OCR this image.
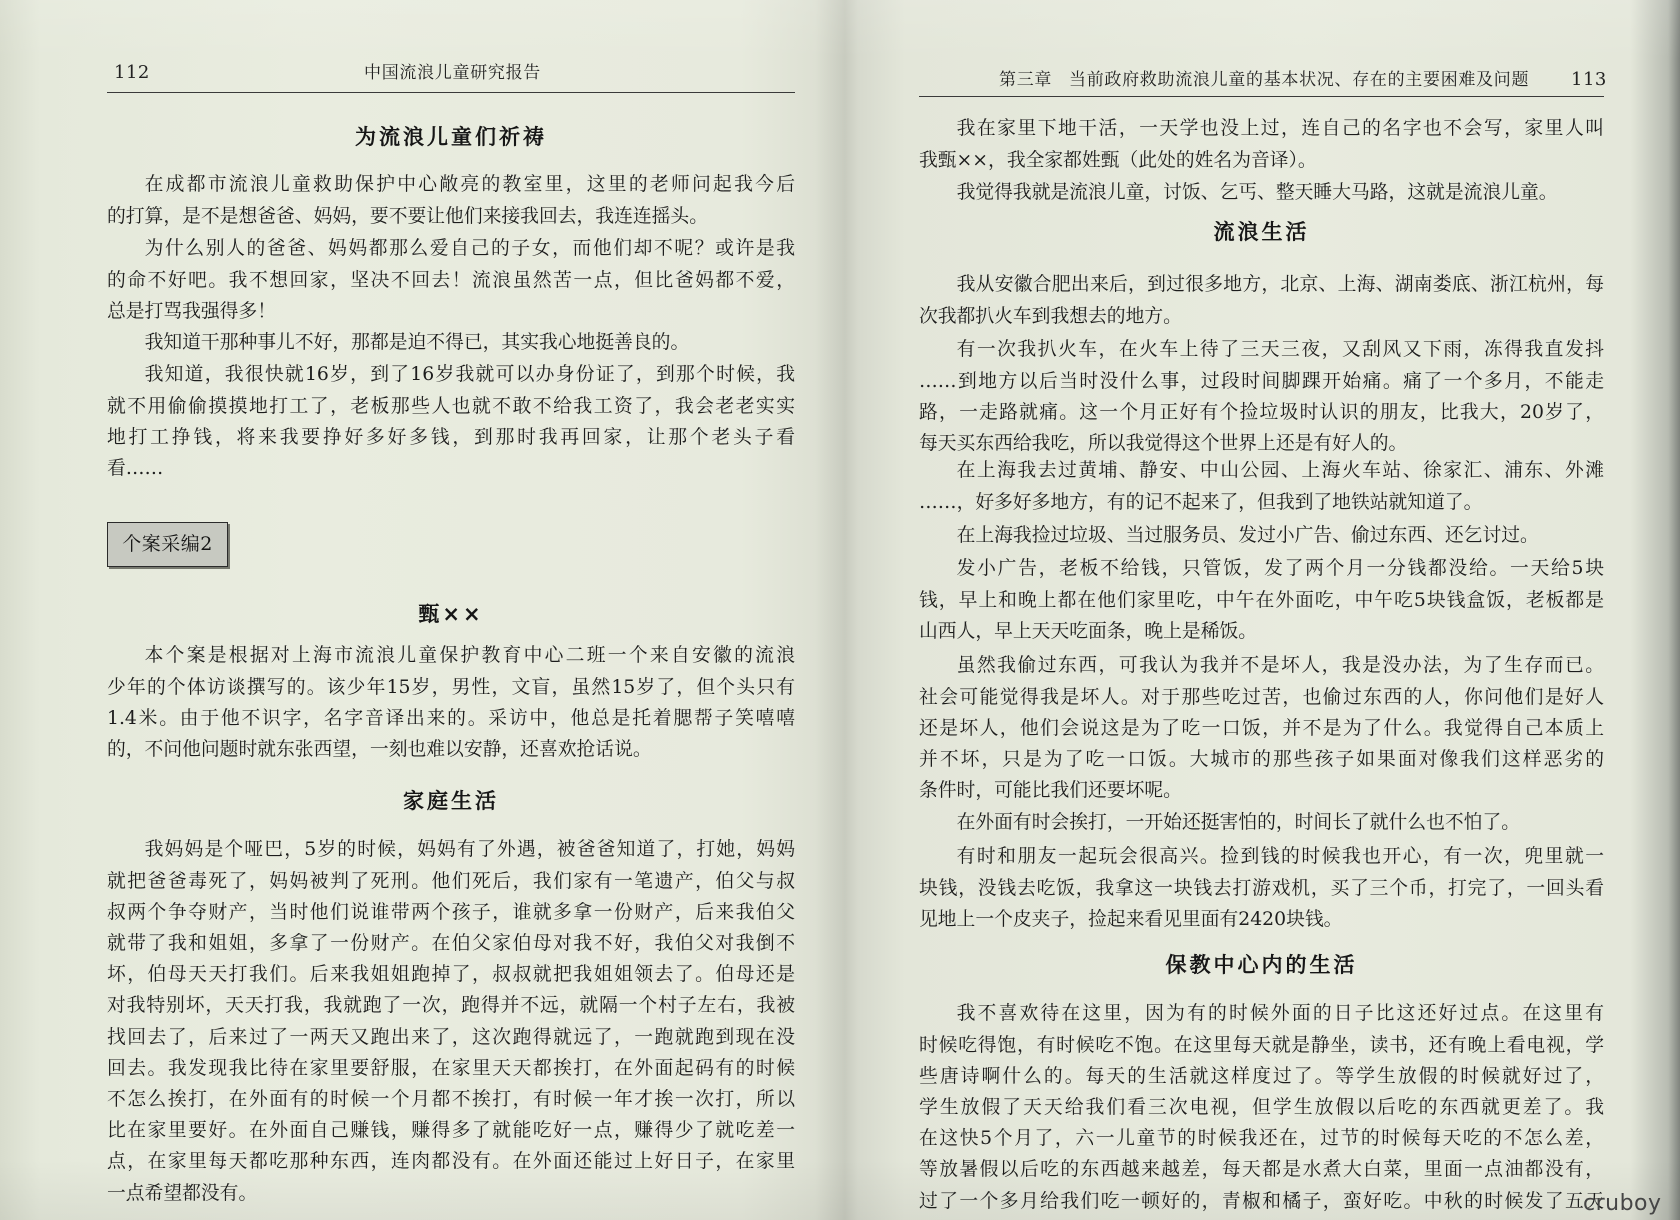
112	中国流浪儿童研究报告	第三章 当前政府救助流浪儿童的基本状况、存在的主要困难及问题 113
为流浪儿童们祈祷
在成都市流浪儿童救助保护中心敞亮的教室里，这里的老师问起我今后
的打算，是不是想爸爸、妈妈，要不要让他们来接我回去，我连连摇头。
为什么别人的爸爸、妈妈都那么爱自己的子女，而他们却不呢？或许是我
的命不好吧。我不想回家，坚决不回去！流浪虽然苦一点，但比爸妈都不爱，
总是打骂我强得多！
我知道干那种事儿不好，那都是迫不得已，其实我心地挺善良的。
我知道，我很快就16岁，到了16岁我就可以办身份证了，到那个时候，我
就不用偷偷摸摸地打工了，老板那些人也就不敢不给我工资了，我会老老实实
地打工挣钱，将来我要挣好多好多钱，到那时我再回家，让那个老头子看
看……
个案采编2
甄××
本个案是根据对上海市流浪儿童保护教育中心二班一个来自安徽的流浪
少年的个体访谈撰写的。该少年15岁，男性，文盲，虽然15岁了，但个头只有
1.4米。由于他不识字，名字音译出来的。采访中，他总是托着腮帮子笑嘻嘻
的，不问他问题时就东张西望，一刻也难以安静，还喜欢抢话说。
家庭生活
我妈妈是个哑巴，5岁的时候，妈妈有了外遇，被爸爸知道了，打她，妈妈
就把爸爸毒死了，妈妈被判了死刑。他们死后，我们家有一笔遗产，伯父与叔
叔两个争夺财产，当时他们说谁带两个孩子，谁就多拿一份财产，后来我伯父
就带了我和姐姐，多拿了一份财产。在伯父家伯母对我不好，我伯父对我倒不
坏，伯母天天打我们。后来我姐姐跑掉了，叔叔就把我姐姐领去了。伯母还是
对我特别坏，天天打我，我就跑了一次，跑得并不远，就隔一个村子左右，我被
找回去了，后来过了一两天又跑出来了，这次跑得就远了，一跑就跑到现在没
回去。我发现我比待在家里要舒服，在家里天天都挨打，在外面起码有的时候
不怎么挨打，在外面有的时候一个月都不挨打，有时候一年才挨一次打，所以
比在家里要好。在外面自己赚钱，赚得多了就能吃好一点，赚得少了就吃差一
点，在家里每天都吃那种东西，连肉都没有。在外面还能过上好日子，在家里
一点希望都没有。
我在家里下地干活，一天学也没上过，连自己的名字也不会写，家里人叫
我甄××，我全家都姓甄（此处的姓名为音译）。
我觉得我就是流浪儿童，讨饭、乞丐、整天睡大马路，这就是流浪儿童。
流浪生活
我从安徽合肥出来后，到过很多地方，北京、上海、湖南娄底、浙江杭州，每
次我都扒火车到我想去的地方。
有一次我扒火车，在火车上待了三天三夜，又刮风又下雨，冻得我直发抖
……到地方以后当时没什么事，过段时间脚踝开始痛。痛了一个多月，不能走
路，一走路就痛。这一个月正好有个捡垃圾时认识的朋友，比我大，20岁了，
每天买东西给我吃，所以我觉得这个世界上还是有好人的。
在上海我去过黄埔、静安、中山公园、上海火车站、徐家汇、浦东、外滩
……，好多好多地方，有的记不起来了，但我到了地铁站就知道了。
在上海我捡过垃圾、当过服务员、发过小广告、偷过东西、还乞讨过。
发小广告，老板不给钱，只管饭，发了两个月一分钱都没给。一天给5块
钱，早上和晚上都在他们家里吃，中午在外面吃，中午吃5块钱盒饭，老板都是
山西人，早上天天吃面条，晚上是稀饭。
虽然我偷过东西，可我认为我并不是坏人，我是没办法，为了生存而已。
社会可能觉得我是坏人。对于那些吃过苦，也偷过东西的人，你问他们是好人
还是坏人，他们会说这是为了吃一口饭，并不是为了什么。我觉得自己本质上
并不坏，只是为了吃一口饭。大城市的那些孩子如果面对像我们这样恶劣的
条件时，可能比我们还要坏呢。
在外面有时会挨打，一开始还挺害怕的，时间长了就什么也不怕了。
有时和朋友一起玩会很高兴。捡到钱的时候我也开心，有一次，兜里就一
块钱，没钱去吃饭，我拿这一块钱去打游戏机，买了三个币，打完了，一回头看
见地上一个皮夹子，捡起来看见里面有2420块钱。
保教中心内的生活
我不喜欢待在这里，因为有的时候外面的日子比这还好过点。在这里有
时候吃得饱，有时候吃不饱。在这里每天就是静坐，读书，还有晚上看电视，学
些唐诗啊什么的。每天的生活就这样度过了。等学生放假的时候就好过了，
学生放假了天天给我们看三次电视，但学生放假以后吃的东西就更差了。我
在这快5个月了，六一儿童节的时候我还在，过节的时候每天吃的不怎么差，
等放暑假以后吃的东西越来越差，每天都是水煮大白菜，里面一点油都没有，
过了一个多月给我们吃一顿好的，青椒和橘子，蛮好吃。中秋的时候发了五天
cruboy
